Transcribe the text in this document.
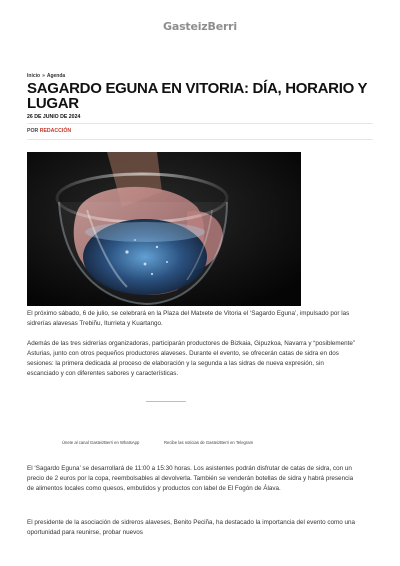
GasteizBerri
Inicio » Agenda
SAGARDO EGUNA EN VITORIA: DÍA, HORARIO Y LUGAR
26 DE JUNIO DE 2024
POR REDACCIÓN

El próximo sábado, 6 de julio, se celebrará en la Plaza del Matxete de Vitoria el ‘Sagardo Eguna’, impulsado por las sidrerías alavesas Trebiñu, Iturrieta y Kuartango.

Además de las tres sidrerías organizadoras, participarán productores de Bizkaia, Gipuzkoa, Navarra y “posiblemente” Asturias, junto con otros pequeños productores alaveses. Durante el evento, se ofrecerán catas de sidra en dos sesiones: la primera dedicada al proceso de elaboración y la segunda a las sidras de nueva expresión, sin escanciado y con diferentes sabores y características.

Únete al canal GasteizBerri en WhatsApp	Recibe las noticias de GasteizBerri en Telegram

El ‘Sagardo Eguna’ se desarrollará de 11:00 a 15:30 horas. Los asistentes podrán disfrutar de catas de sidra, con un precio de 2 euros por la copa, reembolsables al devolverla. También se venderán botellas de sidra y habrá presencia de alimentos locales como quesos, embutidos y productos con label de El Fogón de Álava.

El presidente de la asociación de sidreros alaveses, Benito Peciña, ha destacado la importancia del evento como una oportunidad para reunirse, probar nuevos
